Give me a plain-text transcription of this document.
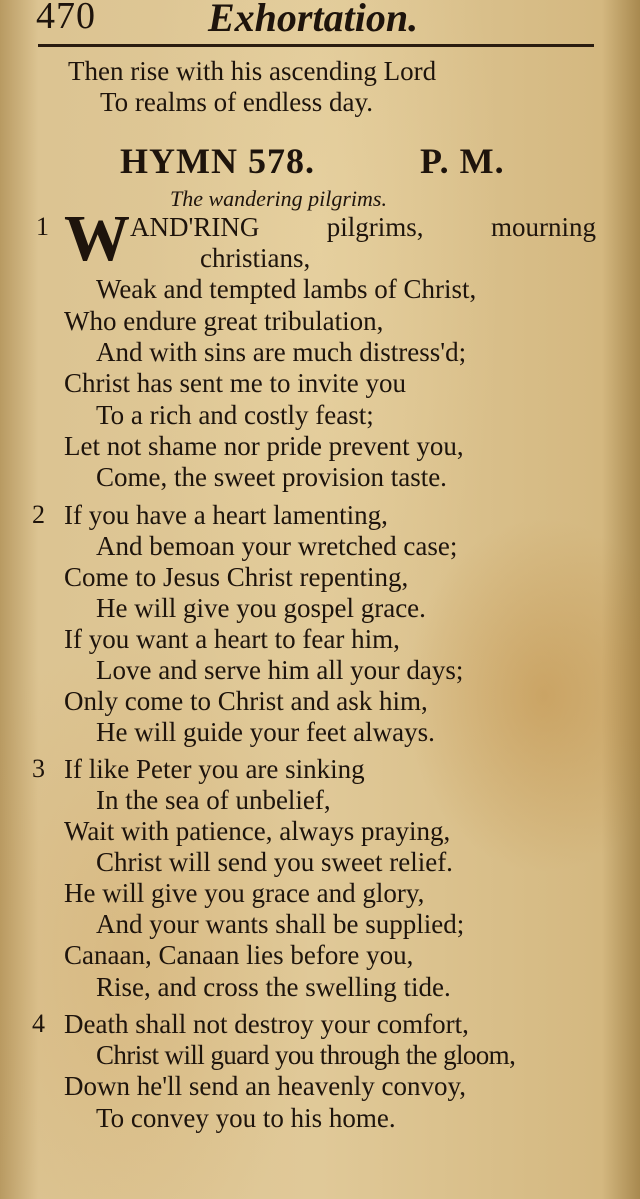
470	Exhortation.
Then rise with his ascending Lord
To realms of endless day.
HYMN 578.	P. M.
The wandering pilgrims.
1 W AND'RING pilgrims, mourning
christians,
Weak and tempted lambs of Christ,
Who endure great tribulation,
And with sins are much distress'd;
Christ has sent me to invite you
To a rich and costly feast;
Let not shame nor pride prevent you,
Come, the sweet provision taste.
2 If you have a heart lamenting,
And bemoan your wretched case;
Come to Jesus Christ repenting,
He will give you gospel grace.
If you want a heart to fear him,
Love and serve him all your days;
Only come to Christ and ask him,
He will guide your feet always.
3 If like Peter you are sinking
In the sea of unbelief,
Wait with patience, always praying,
Christ will send you sweet relief.
He will give you grace and glory,
And your wants shall be supplied;
Canaan, Canaan lies before you,
Rise, and cross the swelling tide.
4 Death shall not destroy your comfort,
Christ will guard you through the gloom,
Down he'll send an heavenly convoy,
To convey you to his home.
